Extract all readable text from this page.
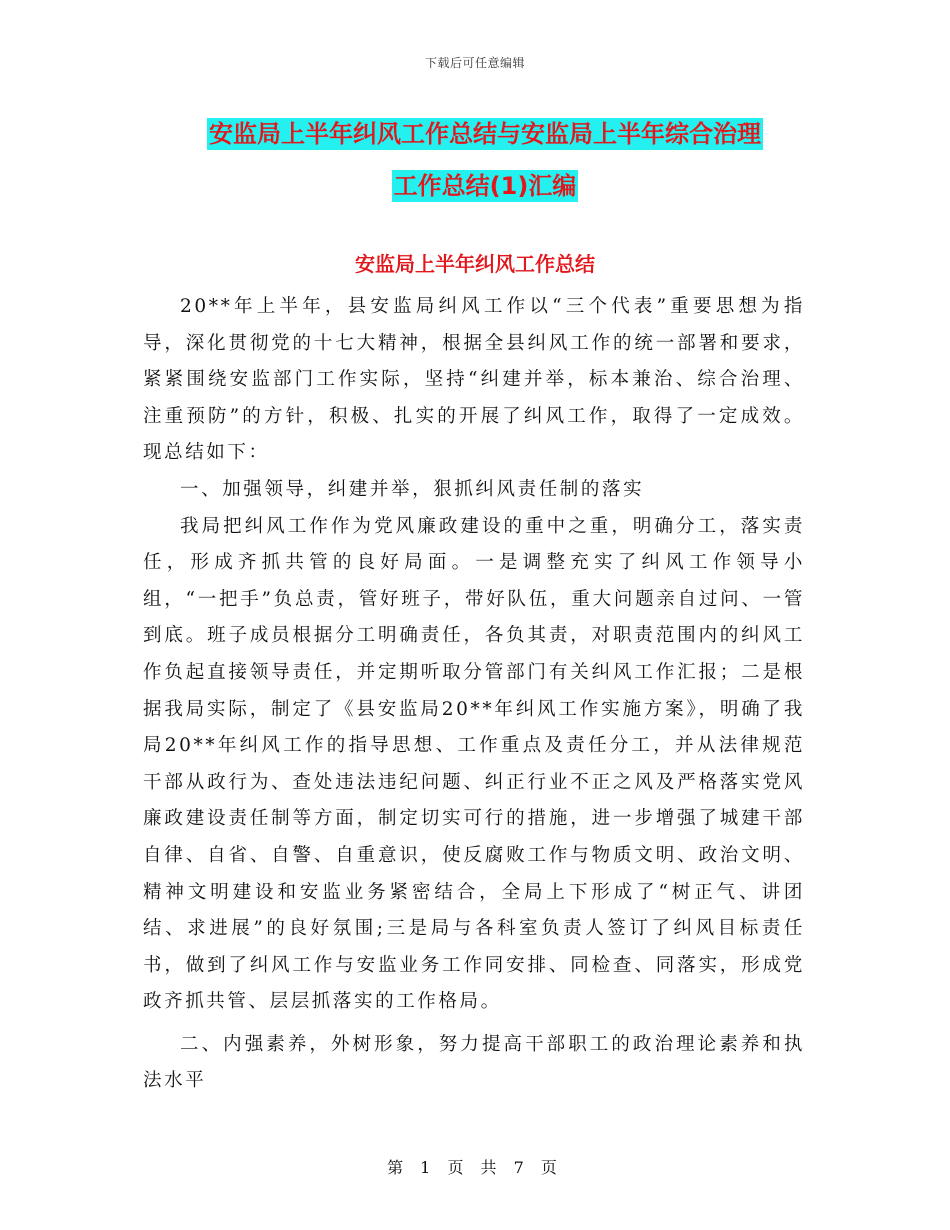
下载后可任意编辑
安监局上半年纠风工作总结与安监局上半年综合治理
工作总结(1)汇编
安监局上半年纠风工作总结

20**年上半年，县安监局纠风工作以“三个代表”重要思想为指导，深化贯彻党的十七大精神，根据全县纠风工作的统一部署和要求，紧紧围绕安监部门工作实际，坚持“纠建并举，标本兼治、综合治理、注重预防”的方针，积极、扎实的开展了纠风工作，取得了一定成效。现总结如下：

一、加强领导，纠建并举，狠抓纠风责任制的落实

我局把纠风工作作为党风廉政建设的重中之重，明确分工，落实责任，形成齐抓共管的良好局面。一是调整充实了纠风工作领导小组，“一把手”负总责，管好班子，带好队伍，重大问题亲自过问、一管到底。班子成员根据分工明确责任，各负其责，对职责范围内的纠风工作负起直接领导责任，并定期听取分管部门有关纠风工作汇报；二是根据我局实际，制定了《县安监局20**年纠风工作实施方案》，明确了我局20**年纠风工作的指导思想、工作重点及责任分工，并从法律规范干部从政行为、查处违法违纪问题、纠正行业不正之风及严格落实党风廉政建设责任制等方面，制定切实可行的措施，进一步增强了城建干部自律、自省、自警、自重意识，使反腐败工作与物质文明、政治文明、精神文明建设和安监业务紧密结合，全局上下形成了“树正气、讲团结、求进展”的良好氛围;三是局与各科室负责人签订了纠风目标责任书，做到了纠风工作与安监业务工作同安排、同检查、同落实，形成党政齐抓共管、层层抓落实的工作格局。

二、内强素养，外树形象，努力提高干部职工的政治理论素养和执法水平

第 1 页 共 7 页
